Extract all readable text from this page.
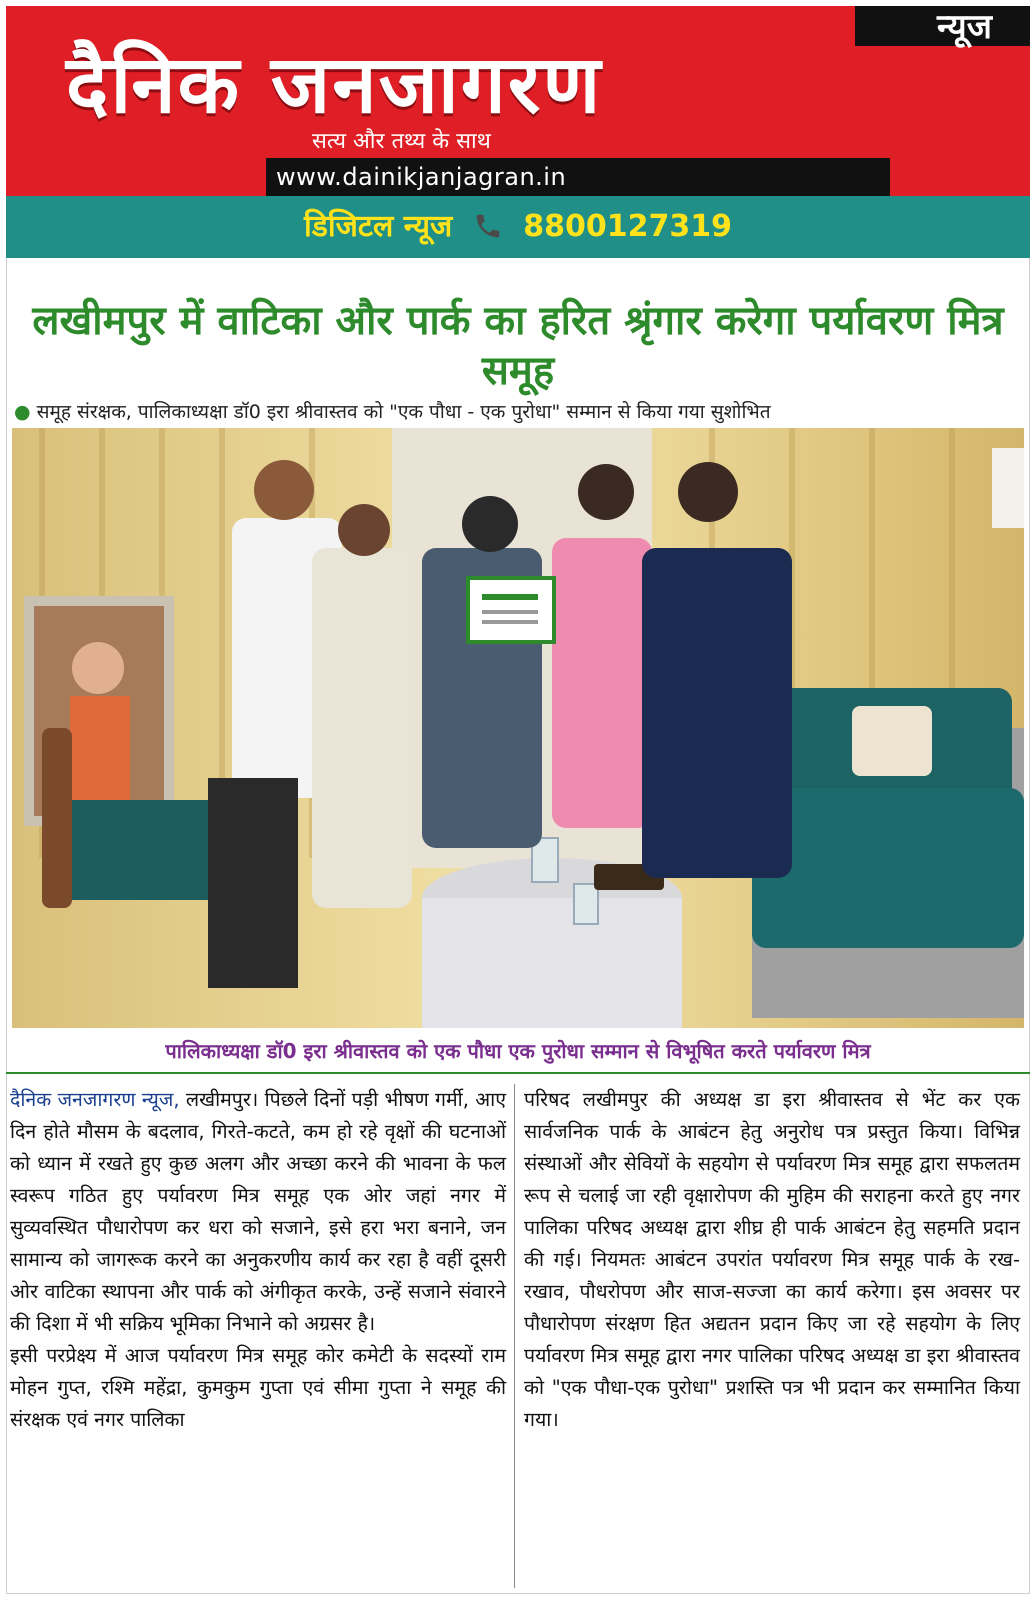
न्यूज
दैनिक जनजागरण
सत्य और तथ्य के साथ
www.dainikjanjagran.in
डिजिटल न्यूज 8800127319
लखीमपुर में वाटिका और पार्क का हरित श्रृंगार करेगा पर्यावरण मित्र समूह
● समूह संरक्षक, पालिकाध्यक्षा डॉ0 इरा श्रीवास्तव को "एक पौधा - एक पुरोधा" सम्मान से किया गया सुशोभित
पालिकाध्यक्षा डॉ0 इरा श्रीवास्तव को एक पौधा एक पुरोधा सम्मान से विभूषित करते पर्यावरण मित्र

दैनिक जनजागरण न्यूज, लखीमपुर। पिछले दिनों पड़ी भीषण गर्मी, आए दिन होते मौसम के बदलाव, गिरते-कटते, कम हो रहे वृक्षों की घटनाओं को ध्यान में रखते हुए कुछ अलग और अच्छा करने की भावना के फल स्वरूप गठित हुए पर्यावरण मित्र समूह एक ओर जहां नगर में सुव्यवस्थित पौधारोपण कर धरा को सजाने, इसे हरा भरा बनाने, जन सामान्य को जागरूक करने का अनुकरणीय कार्य कर रहा है वहीं दूसरी ओर वाटिका स्थापना और पार्क को अंगीकृत करके, उन्हें सजाने संवारने की दिशा में भी सक्रिय भूमिका निभाने को अग्रसर है।

इसी परप्रेक्ष्य में आज पर्यावरण मित्र समूह कोर कमेटी के सदस्यों राम मोहन गुप्त, रश्मि महेंद्रा, कुमकुम गुप्ता एवं सीमा गुप्ता ने समूह की संरक्षक एवं नगर पालिका

परिषद लखीमपुर की अध्यक्ष डा इरा श्रीवास्तव से भेंट कर एक सार्वजनिक पार्क के आबंटन हेतु अनुरोध पत्र प्रस्तुत किया। विभिन्न संस्थाओं और सेवियों के सहयोग से पर्यावरण मित्र समूह द्वारा सफलतम रूप से चलाई जा रही वृक्षारोपण की मुहिम की सराहना करते हुए नगर पालिका परिषद अध्यक्ष द्वारा शीघ्र ही पार्क आबंटन हेतु सहमति प्रदान की गई। नियमतः आबंटन उपरांत पर्यावरण मित्र समूह पार्क के रख-रखाव, पौधरोपण और साज-सज्जा का कार्य करेगा। इस अवसर पर पौधारोपण संरक्षण हित अद्यतन प्रदान किए जा रहे सहयोग के लिए पर्यावरण मित्र समूह द्वारा नगर पालिका परिषद अध्यक्ष डा इरा श्रीवास्तव को "एक पौधा-एक पुरोधा" प्रशस्ति पत्र भी प्रदान कर सम्मानित किया गया।
